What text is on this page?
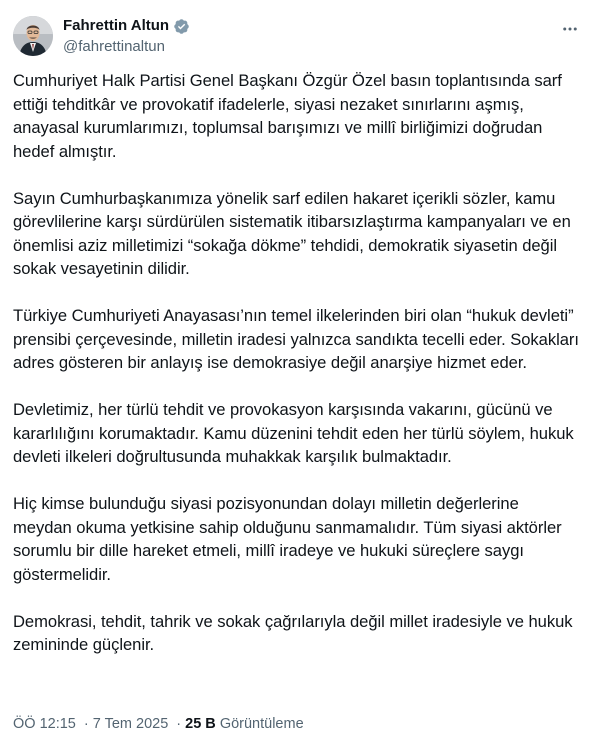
Fahrettin Altun
@fahrettinaltun

Cumhuriyet Halk Partisi Genel Başkanı Özgür Özel basın toplantısında sarf ettiği tehditkâr ve provokatif ifadelerle, siyasi nezaket sınırlarını aşmış, anayasal kurumlarımızı, toplumsal barışımızı ve millî birliğimizi doğrudan hedef almıştır.

Sayın Cumhurbaşkanımıza yönelik sarf edilen hakaret içerikli sözler, kamu görevlilerine karşı sürdürülen sistematik itibarsızlaştırma kampanyaları ve en önemlisi aziz milletimizi “sokağa dökme” tehdidi, demokratik siyasetin değil sokak vesayetinin dilidir.

Türkiye Cumhuriyeti Anayasası’nın temel ilkelerinden biri olan “hukuk devleti” prensibi çerçevesinde, milletin iradesi yalnızca sandıkta tecelli eder. Sokakları adres gösteren bir anlayış ise demokrasiye değil anarşiye hizmet eder.

Devletimiz, her türlü tehdit ve provokasyon karşısında vakarını, gücünü ve kararlılığını korumaktadır. Kamu düzenini tehdit eden her türlü söylem, hukuk devleti ilkeleri doğrultusunda muhakkak karşılık bulmaktadır.

Hiç kimse bulunduğu siyasi pozisyonundan dolayı milletin değerlerine meydan okuma yetkisine sahip olduğunu sanmamalıdır. Tüm siyasi aktörler sorumlu bir dille hareket etmeli, millî iradeye ve hukuki süreçlere saygı göstermelidir.

Demokrasi, tehdit, tahrik ve sokak çağrılarıyla değil millet iradesiyle ve hukuk zemininde güçlenir.

ÖÖ 12:15 · 7 Tem 2025 · 25 B Görüntüleme
